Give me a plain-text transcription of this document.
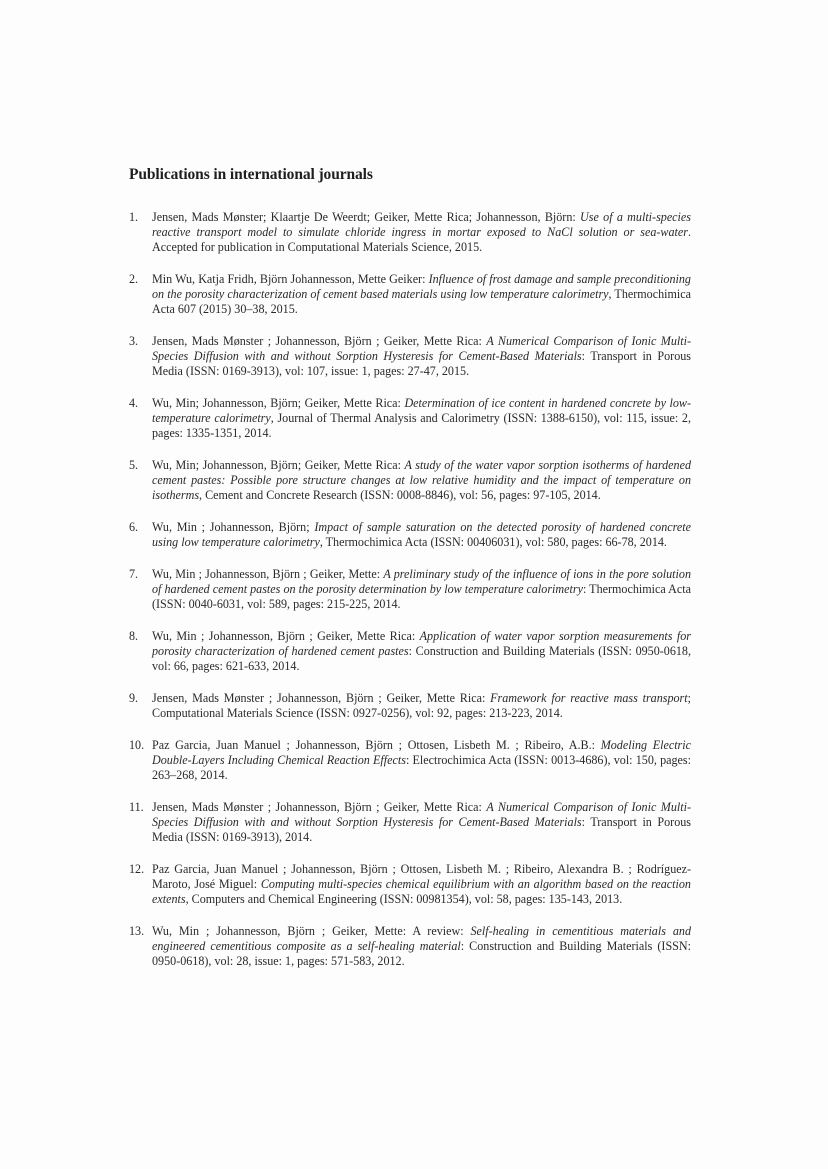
Publications in international journals
1. Jensen, Mads Mønster; Klaartje De Weerdt; Geiker, Mette Rica; Johannesson, Björn: Use of a multi-species reactive transport model to simulate chloride ingress in mortar exposed to NaCl solution or sea-water. Accepted for publication in Computational Materials Science, 2015.
2. Min Wu, Katja Fridh, Björn Johannesson, Mette Geiker: Influence of frost damage and sample preconditioning on the porosity characterization of cement based materials using low temperature calorimetry, Thermochimica Acta 607 (2015) 30–38, 2015.
3. Jensen, Mads Mønster ; Johannesson, Björn ; Geiker, Mette Rica: A Numerical Comparison of Ionic Multi-Species Diffusion with and without Sorption Hysteresis for Cement-Based Materials: Transport in Porous Media (ISSN: 0169-3913), vol: 107, issue: 1, pages: 27-47, 2015.
4. Wu, Min; Johannesson, Björn; Geiker, Mette Rica: Determination of ice content in hardened concrete by low-temperature calorimetry, Journal of Thermal Analysis and Calorimetry (ISSN: 1388-6150), vol: 115, issue: 2, pages: 1335-1351, 2014.
5. Wu, Min; Johannesson, Björn; Geiker, Mette Rica: A study of the water vapor sorption isotherms of hardened cement pastes: Possible pore structure changes at low relative humidity and the impact of temperature on isotherms, Cement and Concrete Research (ISSN: 0008-8846), vol: 56, pages: 97-105, 2014.
6. Wu, Min ; Johannesson, Björn; Impact of sample saturation on the detected porosity of hardened concrete using low temperature calorimetry, Thermochimica Acta (ISSN: 00406031), vol: 580, pages: 66-78, 2014.
7. Wu, Min ; Johannesson, Björn ; Geiker, Mette: A preliminary study of the influence of ions in the pore solution of hardened cement pastes on the porosity determination by low temperature calorimetry: Thermochimica Acta (ISSN: 0040-6031, vol: 589, pages: 215-225, 2014.
8. Wu, Min ; Johannesson, Björn ; Geiker, Mette Rica: Application of water vapor sorption measurements for porosity characterization of hardened cement pastes: Construction and Building Materials (ISSN: 0950-0618, vol: 66, pages: 621-633, 2014.
9. Jensen, Mads Mønster ; Johannesson, Björn ; Geiker, Mette Rica: Framework for reactive mass transport; Computational Materials Science (ISSN: 0927-0256), vol: 92, pages: 213-223, 2014.
10. Paz Garcia, Juan Manuel ; Johannesson, Björn ; Ottosen, Lisbeth M. ; Ribeiro, A.B.: Modeling Electric Double-Layers Including Chemical Reaction Effects: Electrochimica Acta (ISSN: 0013-4686), vol: 150, pages: 263–268, 2014.
11. Jensen, Mads Mønster ; Johannesson, Björn ; Geiker, Mette Rica: A Numerical Comparison of Ionic Multi-Species Diffusion with and without Sorption Hysteresis for Cement-Based Materials: Transport in Porous Media (ISSN: 0169-3913), 2014.
12. Paz Garcia, Juan Manuel ; Johannesson, Björn ; Ottosen, Lisbeth M. ; Ribeiro, Alexandra B. ; Rodríguez-Maroto, José Miguel: Computing multi-species chemical equilibrium with an algorithm based on the reaction extents, Computers and Chemical Engineering (ISSN: 00981354), vol: 58, pages: 135-143, 2013.
13. Wu, Min ; Johannesson, Björn ; Geiker, Mette: A review: Self-healing in cementitious materials and engineered cementitious composite as a self-healing material: Construction and Building Materials (ISSN: 0950-0618), vol: 28, issue: 1, pages: 571-583, 2012.
